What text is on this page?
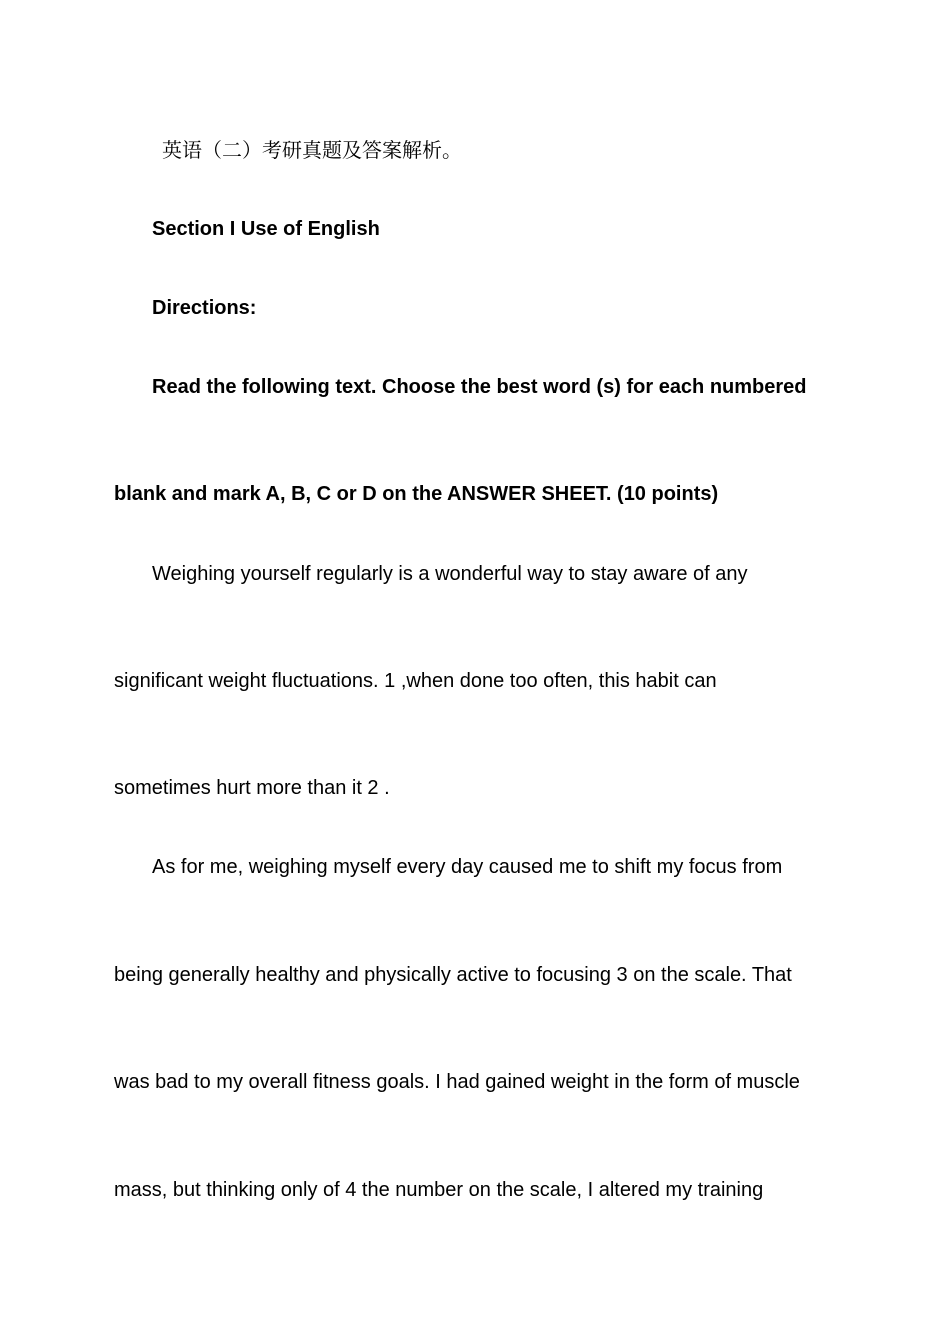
英语（二）考研真题及答案解析。
Section I Use of English
Directions:
Read the following text. Choose the best word (s) for each numbered
blank and mark A, B, C or D on the ANSWER SHEET. (10 points)
Weighing yourself regularly is a wonderful way to stay aware of any
significant weight fluctuations. 1 ,when done too often, this habit can
sometimes hurt more than it 2 .
As for me, weighing myself every day caused me to shift my focus from
being generally healthy and physically active to focusing 3 on the scale. That
was bad to my overall fitness goals. I had gained weight in the form of muscle
mass, but thinking only of 4 the number on the scale, I altered my training
